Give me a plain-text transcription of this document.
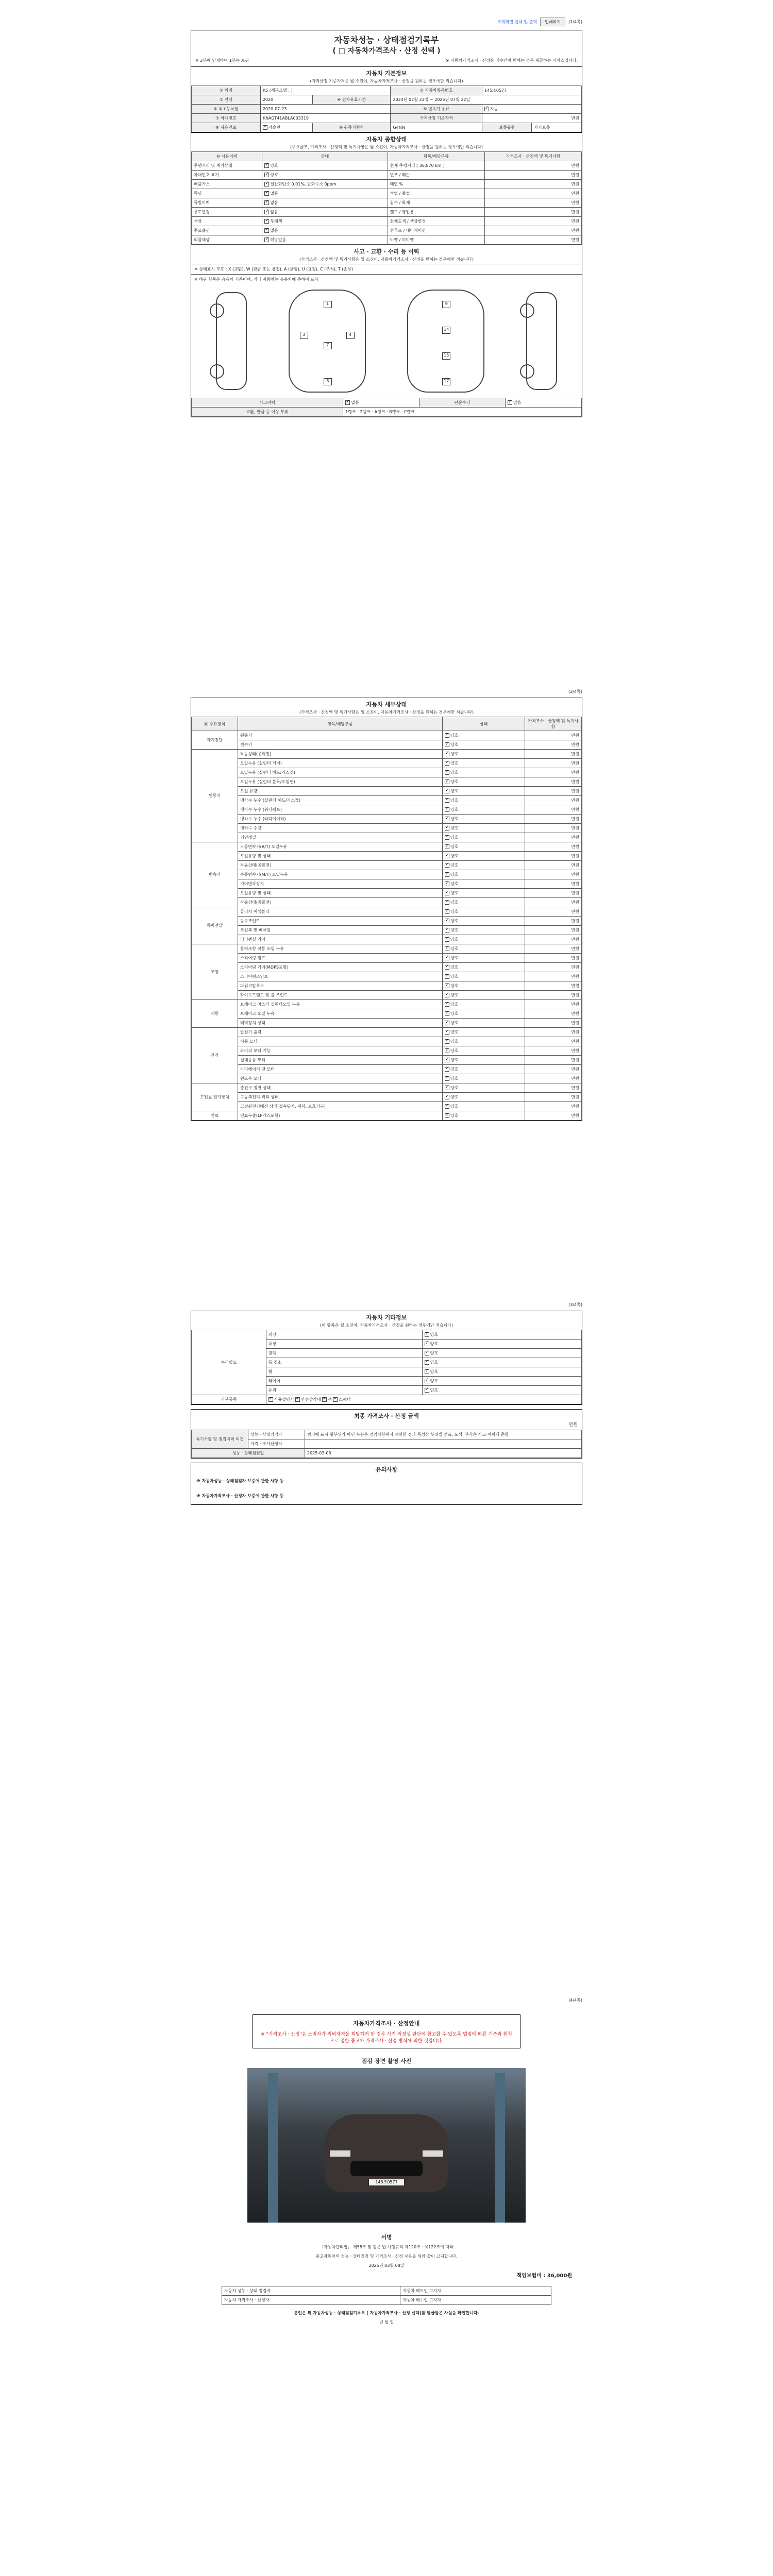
조회화면 안내 및 출력	인쇄하기	(1/4쪽)
자동차성능 · 상태점검기록부
( □ 자동차가격조사 · 산정 선택 )
※ 2부에 인쇄하여 1부는 보관	※ 자동차가격조사 · 산정은 매수인이 원하는 경우 제공하는 서비스입니다.
자동차 기본정보
(가격산정 기준가격은 월 소진이, 자동차가격조사 · 산정을 원하는 경우에만 적습니다)
① 차명	K5 (세부모델 : )		② 자동차등록번호	145조0577	
③ 연식	2020	④ 검사유효기간	2024년 07월 22일 ~ 2025년 07월 22일		
⑤ 최초등록일	2020-07-23		⑥ 변속기 종류	✓자동
⑦ 차대번호	KNAGT41ABLA003319		가격산정 기준가격	만원	
⑧ 사용연료	✓가솔린	⑨ 원동기형식	G4NN	보증유형	자가보증
자동차 종합상태
(주요골조, 가격조사 · 산정액 및 특기사항은 월 소진이, 자동차가격조사 · 산정을 원하는 경우에만 적습니다)
⑩ 사용이력	상태	항목/해당부품	가격조사 · 산정액 및 특기사항
주행거리 및 계기상태	✓양호	현재 주행거리 [ 36,870 km ]	만원
차대번호 표기	✓양호	변조 / 훼손	만원
배출가스	✓일산화탄소 0.01%, 탄화수소 0ppm	매연 %	만원
튜닝	✓없음	적법 / 불법	만원
특별이력	✓없음	침수 / 화재	만원
용도변경	✓없음	렌트 / 영업용	만원
색상	✓무채색	전체도색 / 색상변경	만원
주요옵션	✓없음	선루프 / 내비게이션	만원
리콜대상	✓해당없음	이행 / 미이행	만원
사고 · 교환 · 수리 등 이력
(가격조사 · 산정액 및 특기사항은 월 소진이, 자동차가격조사 · 산정을 원하는 경우에만 적습니다)
※ 상태표시 부호 : X (교환), W (판금 또는 용접), A (긁힘), U (요철), C (부식), T (손상)
※ 하단 항목은 승용차 기준이며, 기타 자동차는 승용차에 준하여 표시
1
3	4
7
8
9
14
15
17
사고이력	✓없음	단순수리	✓없음
교환, 판금 등 이상 부위	1랭크 · 2랭크 · A랭크 · B랭크 · C랭크		
(2/4쪽)
자동차 세부상태
(가격조사 · 산정액 및 특기사항은 월 소진이, 자동차가격조사 · 산정을 원하는 경우에만 적습니다)
⑪ 주요장치	항목/해당부품	상태	가격조사 · 산정액 및 특기사항
자기진단	원동기	✓양호	만원
	변속기	✓양호	만원
원동기	작동상태(공회전)	✓양호	만원
	오일누유 (실린더 커버)	✓양호	만원
	오일누유 (실린더 헤드/가스켓)	✓양호	만원
	오일누유 (실린더 블록/오일팬)	✓양호	만원
	오일 유량	✓양호	만원
	냉각수 누수 (실린더 헤드/가스켓)	✓양호	만원
	냉각수 누수 (워터펌프)	✓양호	만원
	냉각수 누수 (라디에이터)	✓양호	만원
	냉각수 수량	✓양호	만원
	커먼레일	✓양호	만원
변속기	자동변속기(A/T) 오일누유	✓양호	만원
	오일유량 및 상태	✓양호	만원
	작동상태(공회전)	✓양호	만원
	수동변속기(M/T) 오일누유	✓양호	만원
	기어변속장치	✓양호	만원
	오일유량 및 상태	✓양호	만원
	작동상태(공회전)	✓양호	만원
동력전달	클러치 어셈블리	✓양호	만원
	등속조인트	✓양호	만원
	추진축 및 베어링	✓양호	만원
	디퍼렌셜 기어	✓양호	만원
조향	동력조향 작동 오일 누유	✓양호	만원
	스티어링 펌프	✓양호	만원
	스티어링 기어(MDPS포함)	✓양호	만원
	스티어링조인트	✓양호	만원
	파워고압호스	✓양호	만원
	타이로드엔드 및 볼 조인트	✓양호	만원
제동	브레이크 마스터 실린더오일 누유	✓양호	만원
	브레이크 오일 누유	✓양호	만원
	배력장치 상태	✓양호	만원
전기	발전기 출력	✓양호	만원
	시동 모터	✓양호	만원
	와이퍼 모터 기능	✓양호	만원
	실내송풍 모터	✓양호	만원
	라디에이터 팬 모터	✓양호	만원
	윈도우 모터	✓양호	만원
고전원 전기장치	충전구 절연 상태	✓양호	만원
	구동축전지 격리 상태	✓양호	만원
	고전원전기배선 상태(접속단자, 피복, 보호기구)	✓양호	만원
연료	연료누출(LP가스포함)	✓양호	만원
(3/4쪽)
자동차 기타정보
(이 항목은 월 소진이, 자동차가격조사 · 산정을 원하는 경우에만 적습니다)
수리필요	외장	✓양호
	내장	✓양호
	광택	✓양호
	룸 청소	✓양호
	휠	✓양호
	타이어	✓양호
	유리	✓양호
기본품목	✓사용설명서 ✓안전삼각대 ✓잭 ✓스패너
최종 가격조사 · 산정 금액
만원
특기사항 및 점검자의 의견	성능 · 상태점검자	범퍼에 표시 형부위가 아닌 부분은 점검사항에서 제외한 점과 특성상 부위별 전표, 도색, 부식은 사고 이력에 준함
	가격 · 조사산정자	
성능 · 상태점검일		2025-03-08
유의사항

※ 자동차성능 · 상태점검자 보증에 관한 사항 등

※ 자동차가격조사 · 산정자 보증에 관한 사항 등

(4/4쪽)
자동차가격조사 · 산정안내
※ "가격조사 · 산정"은 소비자가 의뢰자격을 희망하여 한 경우 가격 적정성 판단에 참고할 수 있도록 법령에 따른 기준과 원칙으로 정한 중고차 가격조사 · 산정 방식에 의한 것입니다.
점검 장면 촬영 사진
145조0577
서명
「자동차관리법」 제58조 및 같은 법 시행규칙 제120조 · 제122조에 따라
중고자동차의 성능 · 상태점검 및 가격조사 · 산정 내용을 위와 같이 고지합니다.
2025년 03월 08일
책임보험비 : 36,000원
자동차 성능 · 상태 점검자	자동차 매도인 고지자
자동차 가격조사 · 산정자	자동차 매수인 고지자
본인은 위 자동차성능 · 상태점검기록부 ( 자동차가격조사 · 산정 선택)를 발급받은 사실을 확인합니다.
년 월 일
